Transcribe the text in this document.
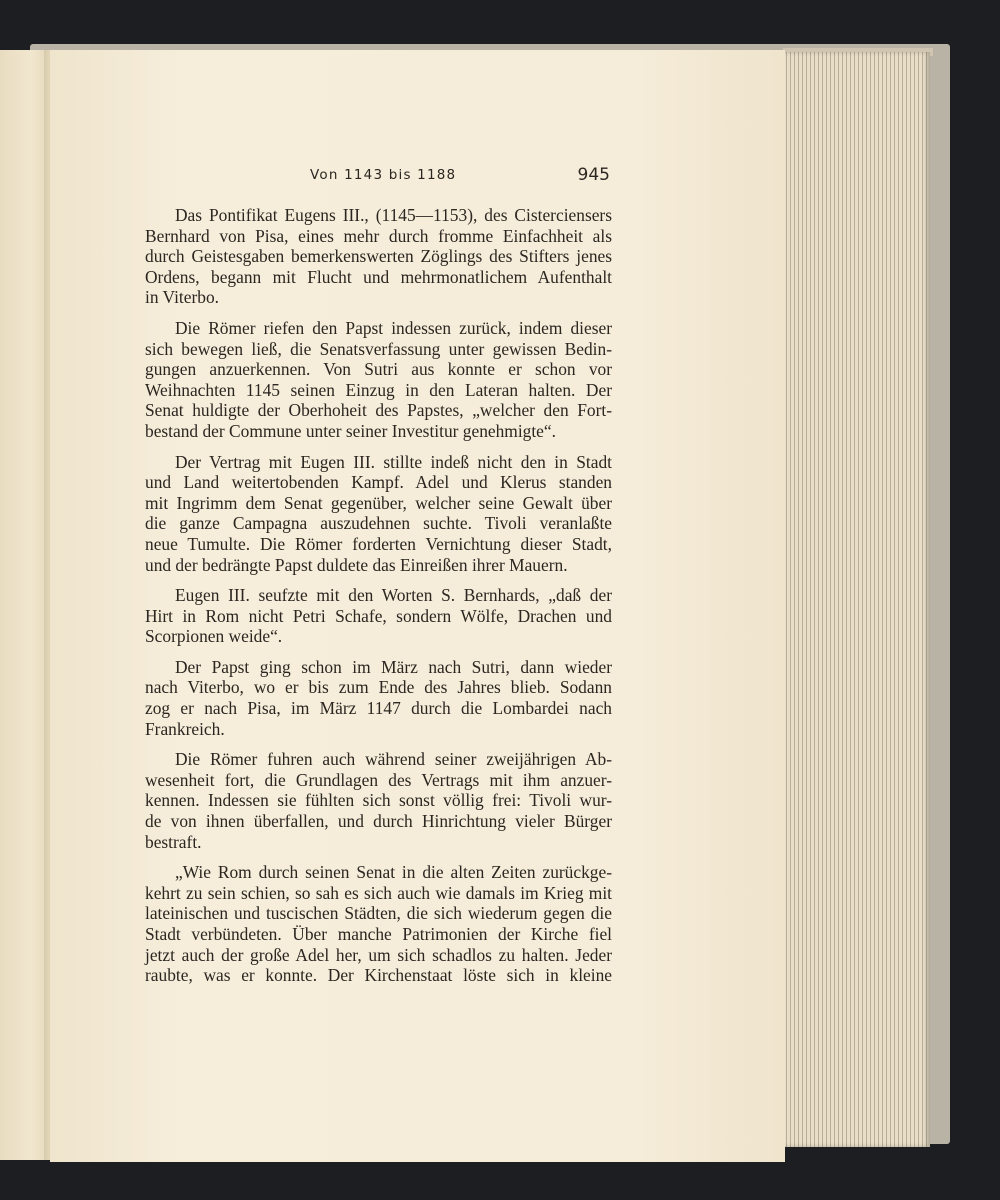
Von 1143 bis 1188	945
Das Pontifikat Eugens III., (1145—1153), des Cisterciensers
Bernhard von Pisa, eines mehr durch fromme Einfachheit als
durch Geistesgaben bemerkenswerten Zöglings des Stifters jenes
Ordens, begann mit Flucht und mehrmonatlichem Aufenthalt
in Viterbo.
Die Römer riefen den Papst indessen zurück, indem dieser
sich bewegen ließ, die Senatsverfassung unter gewissen Bedin-
gungen anzuerkennen. Von Sutri aus konnte er schon vor
Weihnachten 1145 seinen Einzug in den Lateran halten. Der
Senat huldigte der Oberhoheit des Papstes, „welcher den Fort-
bestand der Commune unter seiner Investitur genehmigte“.
Der Vertrag mit Eugen III. stillte indeß nicht den in Stadt
und Land weitertobenden Kampf. Adel und Klerus standen
mit Ingrimm dem Senat gegenüber, welcher seine Gewalt über
die ganze Campagna auszudehnen suchte. Tivoli veranlaßte
neue Tumulte. Die Römer forderten Vernichtung dieser Stadt,
und der bedrängte Papst duldete das Einreißen ihrer Mauern.
Eugen III. seufzte mit den Worten S. Bernhards, „daß der
Hirt in Rom nicht Petri Schafe, sondern Wölfe, Drachen und
Scorpionen weide“.
Der Papst ging schon im März nach Sutri, dann wieder
nach Viterbo, wo er bis zum Ende des Jahres blieb. Sodann
zog er nach Pisa, im März 1147 durch die Lombardei nach
Frankreich.
Die Römer fuhren auch während seiner zweijährigen Ab-
wesenheit fort, die Grundlagen des Vertrags mit ihm anzuer-
kennen. Indessen sie fühlten sich sonst völlig frei: Tivoli wur-
de von ihnen überfallen, und durch Hinrichtung vieler Bürger
bestraft.
„Wie Rom durch seinen Senat in die alten Zeiten zurückge-
kehrt zu sein schien, so sah es sich auch wie damals im Krieg mit
lateinischen und tuscischen Städten, die sich wiederum gegen die
Stadt verbündeten. Über manche Patrimonien der Kirche fiel
jetzt auch der große Adel her, um sich schadlos zu halten. Jeder
raubte, was er konnte. Der Kirchenstaat löste sich in kleine
